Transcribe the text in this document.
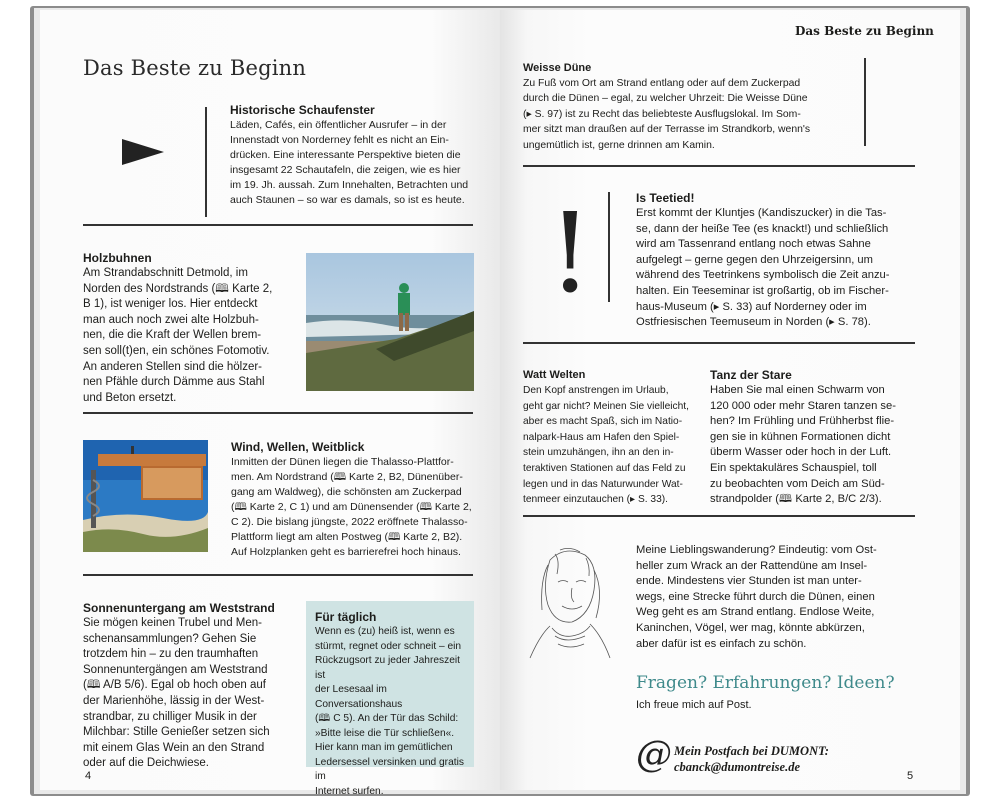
Das Beste zu Beginn
Historische Schaufenster
Läden, Cafés, ein öffentlicher Ausrufer – in der
Innenstadt von Norderney fehlt es nicht an Ein-
drücken. Eine interessante Perspektive bieten die
insgesamt 22 Schautafeln, die zeigen, wie es hier
im 19. Jh. aussah. Zum Innehalten, Betrachten und
auch Staunen – so war es damals, so ist es heute.
Holzbuhnen
Am Strandabschnitt Detmold, im
Norden des Nordstrands (🕮 Karte 2,
B 1), ist weniger los. Hier entdeckt
man auch noch zwei alte Holzbuh-
nen, die die Kraft der Wellen brem-
sen soll(t)en, ein schönes Fotomotiv.
An anderen Stellen sind die hölzer-
nen Pfähle durch Dämme aus Stahl
und Beton ersetzt.
Wind, Wellen, Weitblick
Inmitten der Dünen liegen die Thalasso-Plattfor-
men. Am Nordstrand (🕮 Karte 2, B2, Dünenüber-
gang am Waldweg), die schönsten am Zuckerpad
(🕮 Karte 2, C 1) und am Dünensender (🕮 Karte 2,
C 2). Die bislang jüngste, 2022 eröffnete Thalasso-
Plattform liegt am alten Postweg (🕮 Karte 2, B2).
Auf Holzplanken geht es barrierefrei hoch hinaus.
Sonnenuntergang am Weststrand
Sie mögen keinen Trubel und Men-
schenansammlungen? Gehen Sie
trotzdem hin – zu den traumhaften
Sonnenuntergängen am Weststrand
(🕮 A/B 5/6). Egal ob hoch oben auf
der Marienhöhe, lässig in der West-
strandbar, zu chilliger Musik in der
Milchbar: Stille Genießer setzen sich
mit einem Glas Wein an den Strand
oder auf die Deichwiese.
Für täglich
Wenn es (zu) heiß ist, wenn es
stürmt, regnet oder schneit – ein
Rückzugsort zu jeder Jahreszeit ist
der Lesesaal im Conversationshaus
(🕮 C 5). An der Tür das Schild:
»Bitte leise die Tür schließen«.
Hier kann man im gemütlichen
Ledersessel versinken und gratis im
Internet surfen.
4
Das Beste zu Beginn
Weisse Düne
Zu Fuß vom Ort am Strand entlang oder auf dem Zuckerpad
durch die Dünen – egal, zu welcher Uhrzeit: Die Weisse Düne
(▸ S. 97) ist zu Recht das beliebteste Ausflugslokal. Im Som-
mer sitzt man draußen auf der Terrasse im Strandkorb, wenn's
ungemütlich ist, gerne drinnen am Kamin.
!	Is Teetied!
Erst kommt der Kluntjes (Kandiszucker) in die Tas-
se, dann der heiße Tee (es knackt!) und schließlich
wird am Tassenrand entlang noch etwas Sahne
aufgelegt – gerne gegen den Uhrzeigersinn, um
während des Teetrinkens symbolisch die Zeit anzu-
halten. Ein Teeseminar ist großartig, ob im Fischer-
haus-Museum (▸ S. 33) auf Norderney oder im
Ostfriesischen Teemuseum in Norden (▸ S. 78).
Watt Welten
Den Kopf anstrengen im Urlaub,
geht gar nicht? Meinen Sie vielleicht,
aber es macht Spaß, sich im Natio-
nalpark-Haus am Hafen den Spiel-
stein umzuhängen, ihn an den in-
teraktiven Stationen auf das Feld zu
legen und in das Naturwunder Wat-
tenmeer einzutauchen (▸ S. 33).
Tanz der Stare
Haben Sie mal einen Schwarm von
120 000 oder mehr Staren tanzen se-
hen? Im Frühling und Frühherbst flie-
gen sie in kühnen Formationen dicht
überm Wasser oder hoch in der Luft.
Ein spektakuläres Schauspiel, toll
zu beobachten vom Deich am Süd-
strandpolder (🕮 Karte 2, B/C 2/3).
Meine Lieblingswanderung? Eindeutig: vom Ost-
heller zum Wrack an der Rattendüne am Insel-
ende. Mindestens vier Stunden ist man unter-
wegs, eine Strecke führt durch die Dünen, einen
Weg geht es am Strand entlang. Endlose Weite,
Kaninchen, Vögel, wer mag, könnte abkürzen,
aber dafür ist es einfach zu schön.
Fragen? Erfahrungen? Ideen?
Ich freue mich auf Post.
@ Mein Postfach bei DUMONT:
cbanck@dumontreise.de
5
